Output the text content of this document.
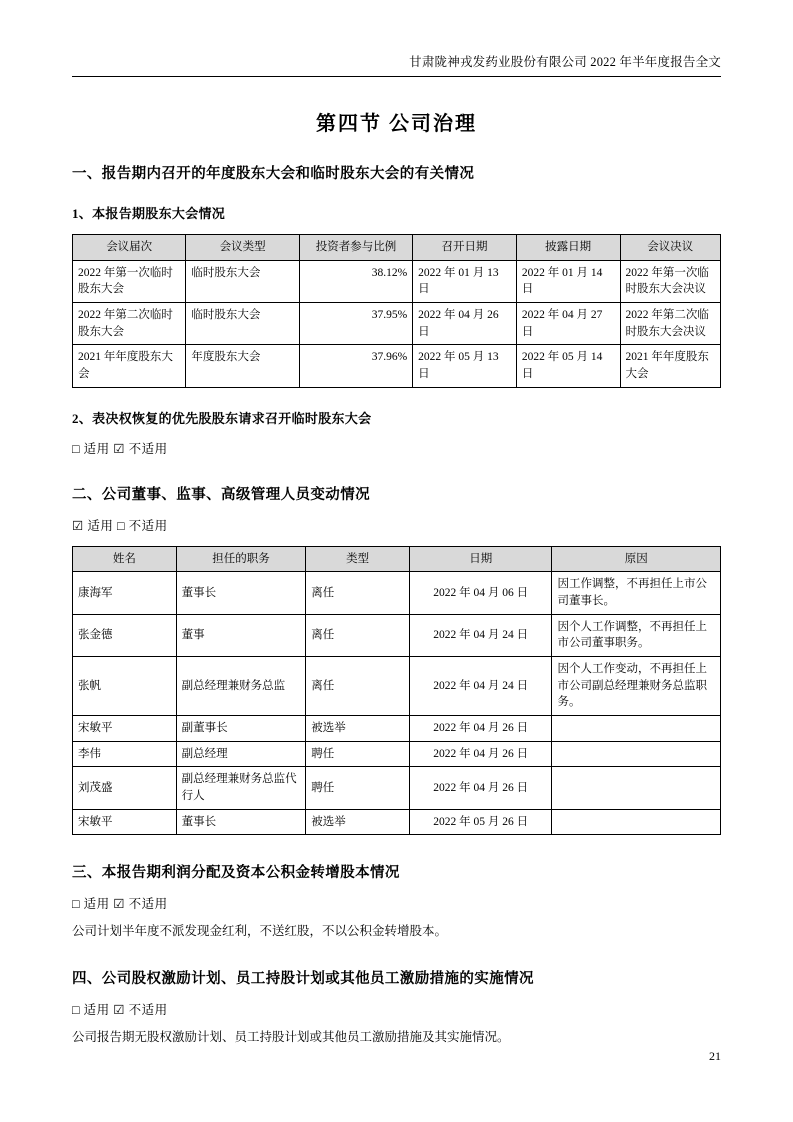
甘肃陇神戎发药业股份有限公司 2022 年半年度报告全文
第四节 公司治理
一、报告期内召开的年度股东大会和临时股东大会的有关情况
1、本报告期股东大会情况
会议届次	会议类型	投资者参与比例	召开日期	披露日期	会议决议
2022 年第一次临时股东大会	临时股东大会	38.12%	2022 年 01 月 13 日	2022 年 01 月 14 日	2022 年第一次临时股东大会决议
2022 年第二次临时股东大会	临时股东大会	37.95%	2022 年 04 月 26 日	2022 年 04 月 27 日	2022 年第二次临时股东大会决议
2021 年年度股东大会	年度股东大会	37.96%	2022 年 05 月 13 日	2022 年 05 月 14 日	2021 年年度股东大会
2、表决权恢复的优先股股东请求召开临时股东大会

□ 适用 ☑ 不适用

二、公司董事、监事、高级管理人员变动情况

☑ 适用 □ 不适用

姓名	担任的职务	类型	日期	原因
康海军	董事长	离任	2022 年 04 月 06 日	因工作调整，不再担任上市公司董事长。
张金德	董事	离任	2022 年 04 月 24 日	因个人工作调整，不再担任上市公司董事职务。
张帆	副总经理兼财务总监	离任	2022 年 04 月 24 日	因个人工作变动，不再担任上市公司副总经理兼财务总监职务。
宋敏平	副董事长	被选举	2022 年 04 月 26 日	
李伟	副总经理	聘任	2022 年 04 月 26 日	
刘茂盛	副总经理兼财务总监代行人	聘任	2022 年 04 月 26 日	
宋敏平	董事长	被选举	2022 年 05 月 26 日	
三、本报告期利润分配及资本公积金转增股本情况

□ 适用 ☑ 不适用

公司计划半年度不派发现金红利，不送红股，不以公积金转增股本。

四、公司股权激励计划、员工持股计划或其他员工激励措施的实施情况

□ 适用 ☑ 不适用

公司报告期无股权激励计划、员工持股计划或其他员工激励措施及其实施情况。

21
